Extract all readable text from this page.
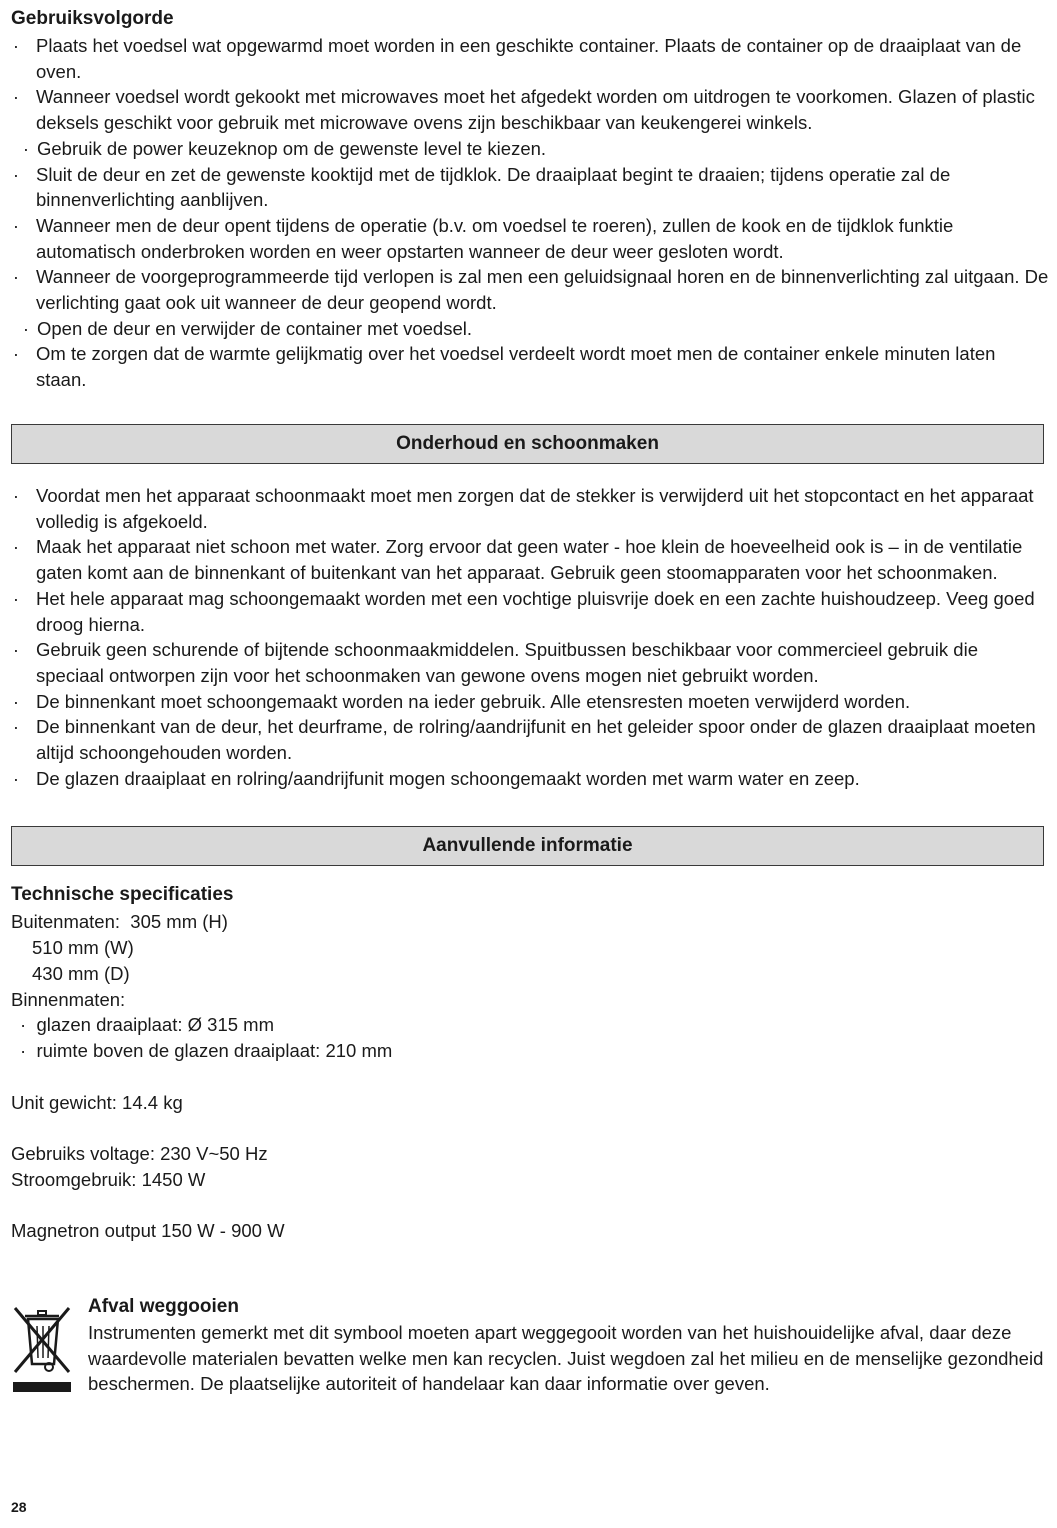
Gebruiksvolgorde
· Plaats het voedsel wat opgewarmd moet worden in een geschikte container. Plaats de container op de draaiplaat van de oven.
· Wanneer voedsel wordt gekookt met microwaves moet het afgedekt worden om uitdrogen te voorkomen. Glazen of plastic deksels geschikt voor gebruik met microwave ovens zijn beschikbaar van keukengerei winkels.
· Gebruik de power keuzeknop om de gewenste level te kiezen.
· Sluit de deur en zet de gewenste kooktijd met de tijdklok. De draaiplaat begint te draaien; tijdens operatie zal de binnenverlichting aanblijven.
· Wanneer men de deur opent tijdens de operatie (b.v. om voedsel te roeren), zullen de kook en de tijdklok funktie automatisch onderbroken worden en weer opstarten wanneer de deur weer gesloten wordt.
· Wanneer de voorgeprogrammeerde tijd verlopen is zal men een geluidsignaal horen en de binnenverlichting zal uitgaan. De verlichting gaat ook uit wanneer de deur geopend wordt.
· Open de deur en verwijder de container met voedsel.
· Om te zorgen dat de warmte gelijkmatig over het voedsel verdeelt wordt moet men de container enkele minuten laten staan.
Onderhoud en schoonmaken
· Voordat men het apparaat schoonmaakt moet men zorgen dat de stekker is verwijderd uit het stopcontact en het apparaat volledig is afgekoeld.
· Maak het apparaat niet schoon met water. Zorg ervoor dat geen water - hoe klein de hoeveelheid ook is – in de ventilatie gaten komt aan de binnenkant of buitenkant van het apparaat. Gebruik geen stoomapparaten voor het schoonmaken.
· Het hele apparaat mag schoongemaakt worden met een vochtige pluisvrije doek en een zachte huishoudzeep. Veeg goed droog hierna.
· Gebruik geen schurende of bijtende schoonmaakmiddelen. Spuitbussen beschikbaar voor commercieel gebruik die speciaal ontworpen zijn voor het schoonmaken van gewone ovens mogen niet gebruikt worden.
· De binnenkant moet schoongemaakt worden na ieder gebruik. Alle etensresten moeten verwijderd worden.
· De binnenkant van de deur, het deurframe, de rolring/aandrijfunit en het geleider spoor onder de glazen draaiplaat moeten altijd schoongehouden worden.
· De glazen draaiplaat en rolring/aandrijfunit mogen schoongemaakt worden met warm water en zeep.
Aanvullende informatie
Technische specificaties
Buitenmaten: 305 mm (H)
510 mm (W)
430 mm (D)
Binnenmaten:
· glazen draaiplaat: Ø 315 mm
· ruimte boven de glazen draaiplaat: 210 mm
Unit gewicht: 14.4 kg
Gebruiks voltage: 230 V~50 Hz
Stroomgebruik: 1450 W
Magnetron output 150 W - 900 W
Afval weggooien
Instrumenten gemerkt met dit symbool moeten apart weggegooit worden van het huishouidelijke afval, daar deze waardevolle materialen bevatten welke men kan recyclen. Juist wegdoen zal het milieu en de menselijke gezondheid beschermen. De plaatselijke autoriteit of handelaar kan daar informatie over geven.
28
